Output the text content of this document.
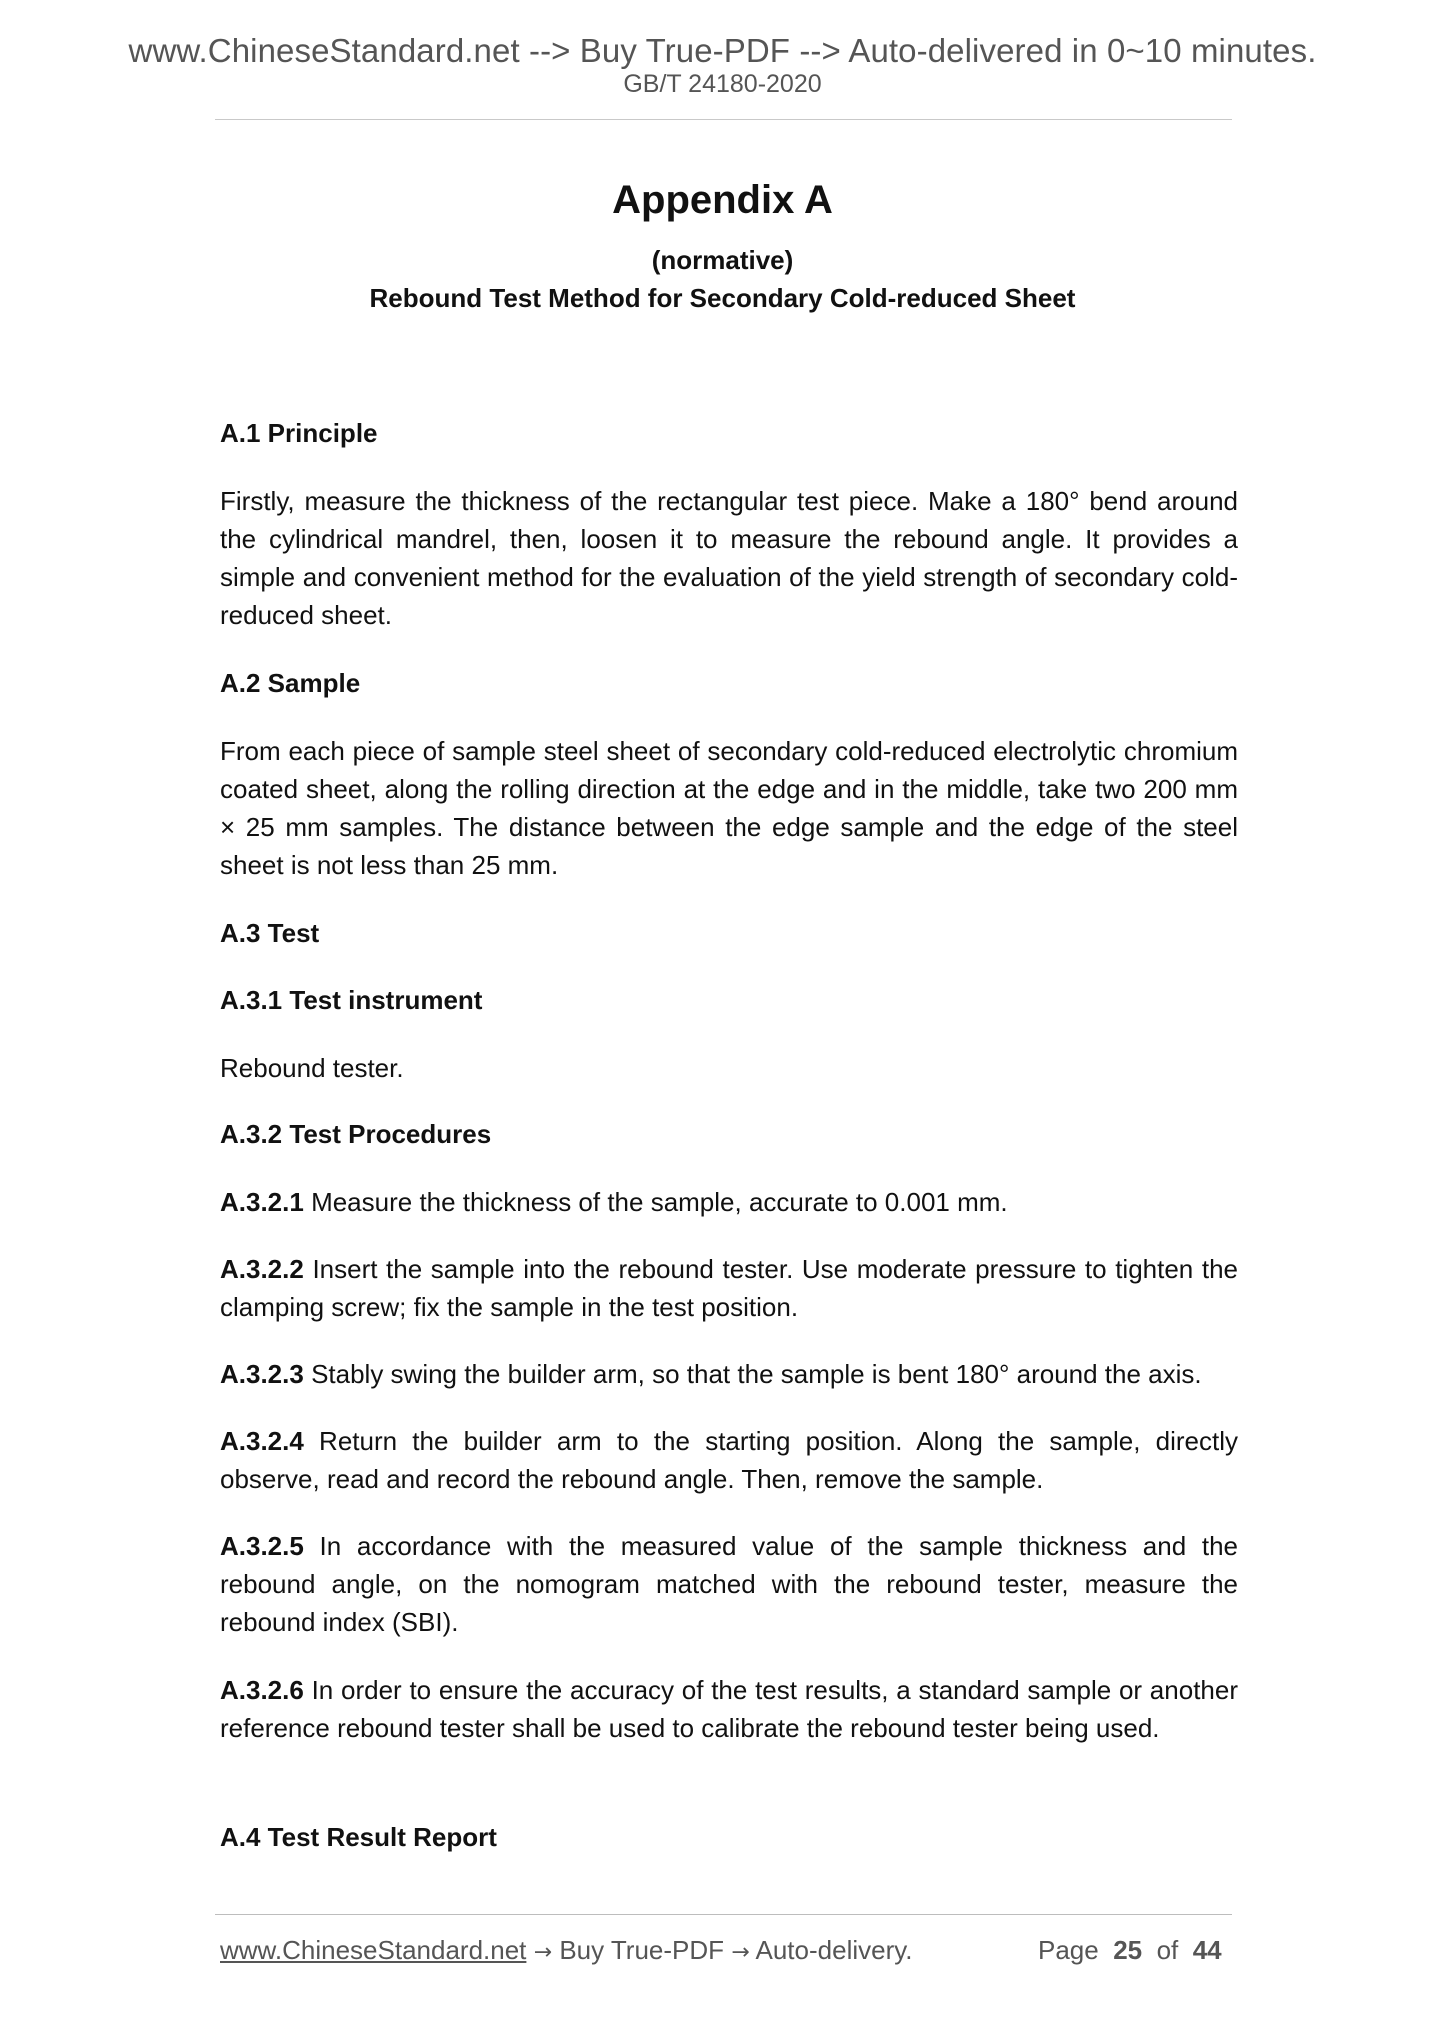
www.ChineseStandard.net --> Buy True-PDF --> Auto-delivered in 0~10 minutes.
GB/T 24180-2020
Appendix A
(normative)
Rebound Test Method for Secondary Cold-reduced Sheet
A.1 Principle

Firstly, measure the thickness of the rectangular test piece. Make a 180° bend around the cylindrical mandrel, then, loosen it to measure the rebound angle. It provides a simple and convenient method for the evaluation of the yield strength of secondary cold-reduced sheet.

A.2 Sample

From each piece of sample steel sheet of secondary cold-reduced electrolytic chromium coated sheet, along the rolling direction at the edge and in the middle, take two 200 mm × 25 mm samples. The distance between the edge sample and the edge of the steel sheet is not less than 25 mm.

A.3 Test
A.3.1 Test instrument

Rebound tester.

A.3.2 Test Procedures

A.3.2.1 Measure the thickness of the sample, accurate to 0.001 mm.

A.3.2.2 Insert the sample into the rebound tester. Use moderate pressure to tighten the clamping screw; fix the sample in the test position.

A.3.2.3 Stably swing the builder arm, so that the sample is bent 180° around the axis.

A.3.2.4 Return the builder arm to the starting position. Along the sample, directly observe, read and record the rebound angle. Then, remove the sample.

A.3.2.5 In accordance with the measured value of the sample thickness and the rebound angle, on the nomogram matched with the rebound tester, measure the rebound index (SBI).

A.3.2.6 In order to ensure the accuracy of the test results, a standard sample or another reference rebound tester shall be used to calibrate the rebound tester being used.

A.4 Test Result Report
www.ChineseStandard.net → Buy True-PDF → Auto-delivery.	Page 25 of 44
